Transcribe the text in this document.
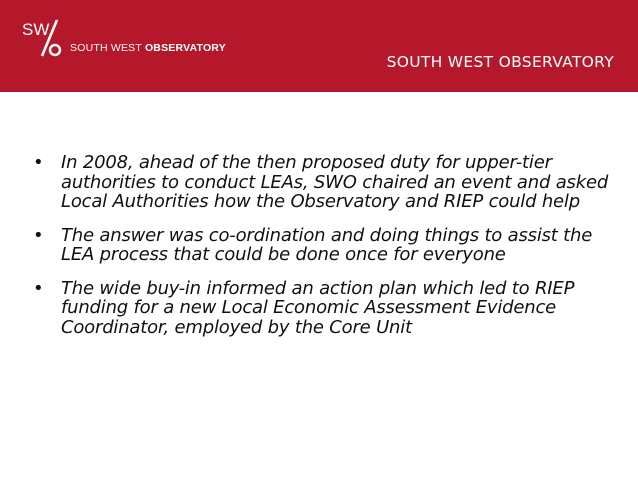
SW
SOUTH WEST OBSERVATORY
SOUTH WEST OBSERVATORY
• In 2008, ahead of the then proposed duty for upper-tier authorities to conduct LEAs, SWO chaired an event and asked Local Authorities how the Observatory and RIEP could help
• The answer was co-ordination and doing things to assist the LEA process that could be done once for everyone
• The wide buy-in informed an action plan which led to RIEP funding for a new Local Economic Assessment Evidence Coordinator, employed by the Core Unit
